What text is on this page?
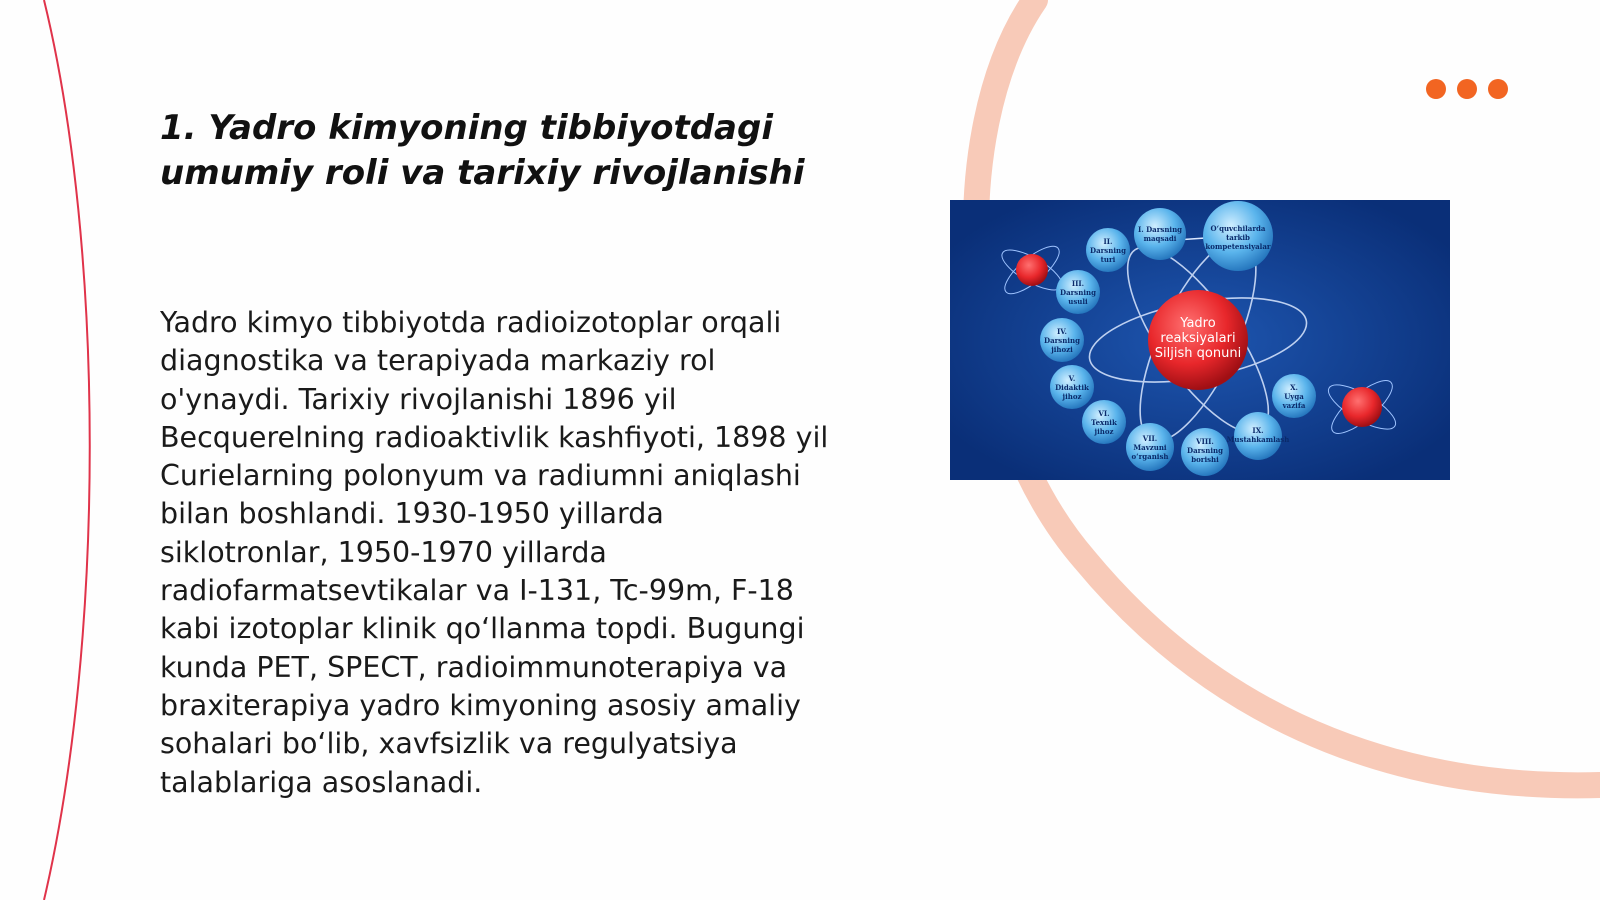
1. Yadro kimyoning tibbiyotdagi umumiy roli va tarixiy rivojlanishi

Yadro kimyo tibbiyotda radioizotoplar orqali diagnostika va terapiyada markaziy rol o'ynaydi. Tarixiy rivojlanishi 1896 yil Becquerelning radioaktivlik kashfiyoti, 1898 yil Curielarning polonyum va radiumni aniqlashi bilan boshlandi. 1930-1950 yillarda siklotronlar, 1950-1970 yillarda radiofarmatsevtikalar va I-131, Tc-99m, F-18 kabi izotoplar klinik qo‘llanma topdi. Bugungi kunda PET, SPECT, radioimmunoterapiya va braxiterapiya yadro kimyoning asosiy amaliy sohalari bo‘lib, xavfsizlik va regulyatsiya talablariga asoslanadi.

Yadro
reaksiyalari
Siljish qonuni
I. Darsning
maqsadi
O‘quvchilarda
tarkib
kompetensiyalar
II.
Darsning
turi
III.
Darsning
usuli
IV.
Darsning
jihozi
V.
Didaktik
jihoz
VI.
Texnik
jihoz
VII.
Mavzuni
o‘rganish
VIII.
Darsning
borishi
IX.
Mustahkamlash
X.
Uyga
vazifa
